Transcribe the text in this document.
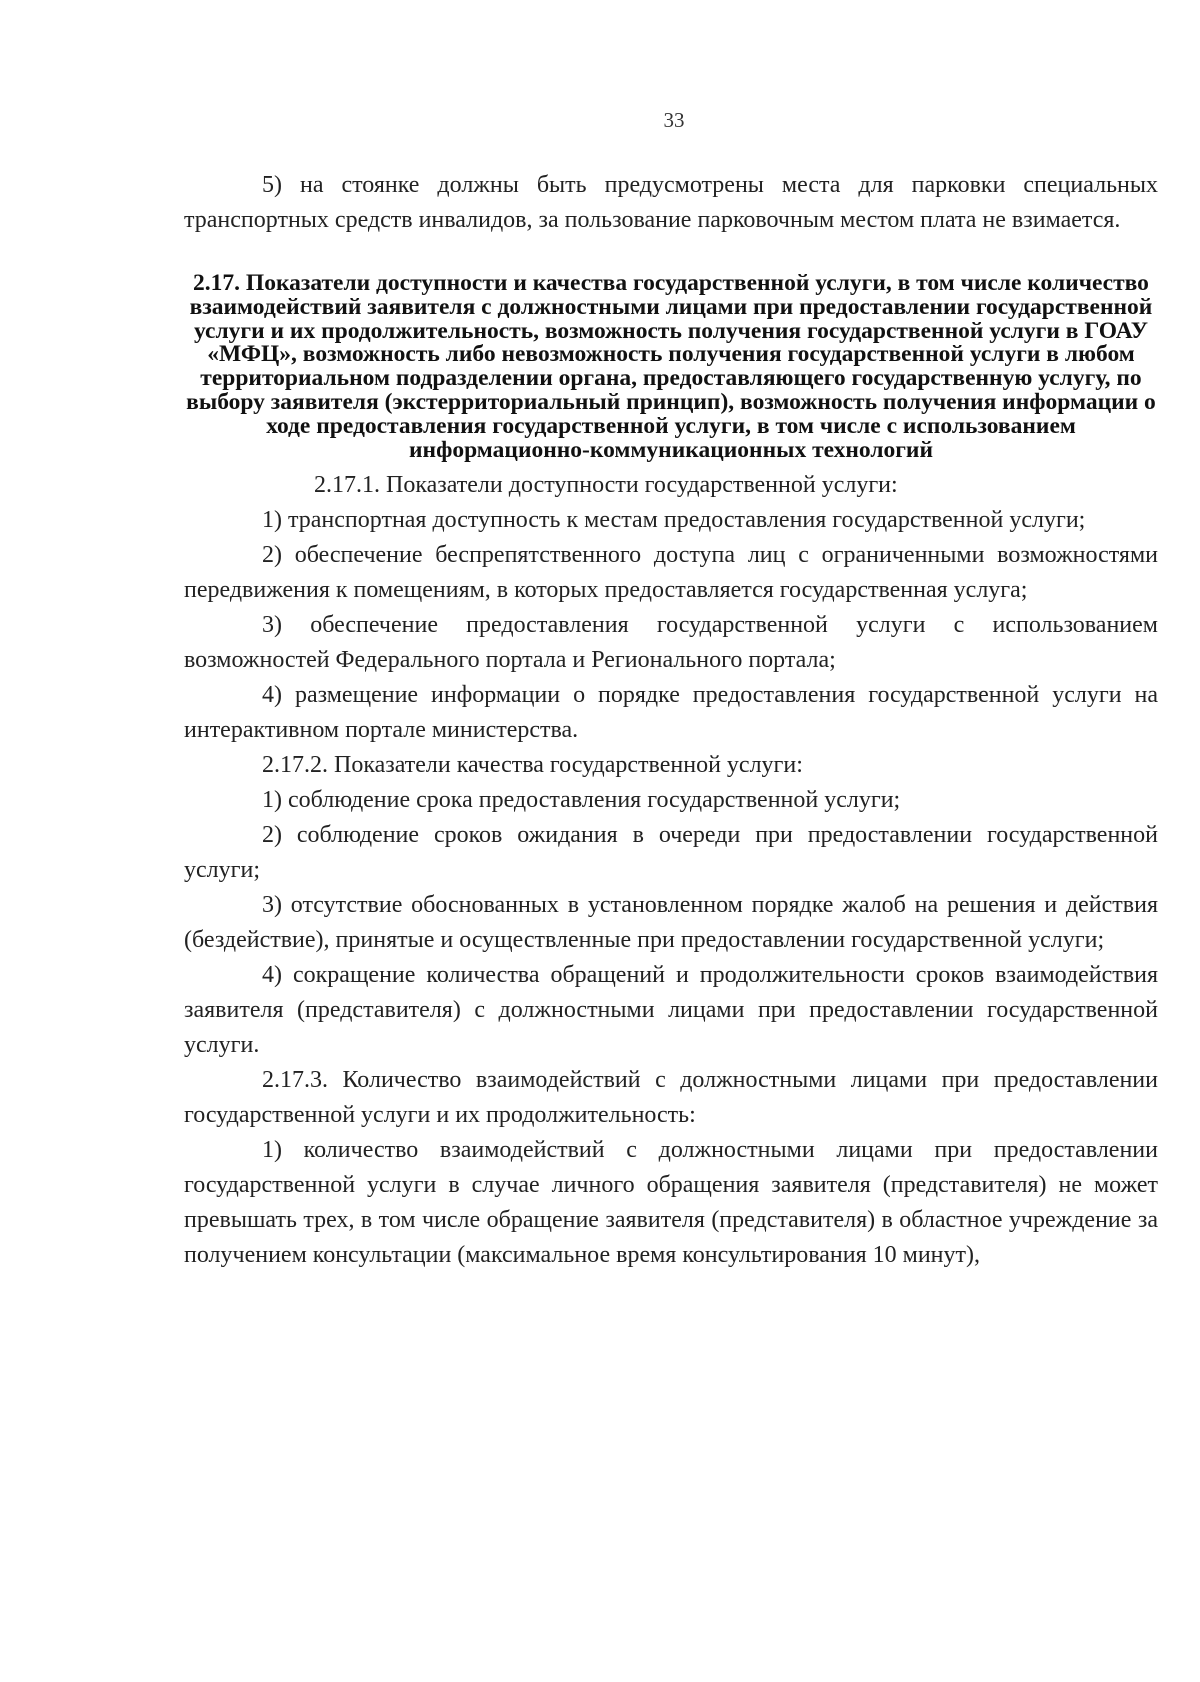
33

5) на стоянке должны быть предусмотрены места для парковки специальных транспортных средств инвалидов, за пользование парковочным местом плата не взимается.

2.17. Показатели доступности и качества государственной услуги, в том числе количество взаимодействий заявителя с должностными лицами при предоставлении государственной услуги и их продолжительность, возможность получения государственной услуги в ГОАУ «МФЦ», возможность либо невозможность получения государственной услуги в любом территориальном подразделении органа, предоставляющего государственную услугу, по выбору заявителя (экстерриториальный принцип), возможность получения информации о ходе предоставления государственной услуги, в том числе с использованием информационно-коммуникационных технологий

2.17.1. Показатели доступности государственной услуги:

1) транспортная доступность к местам предоставления государственной услуги;

2) обеспечение беспрепятственного доступа лиц с ограниченными возможностями передвижения к помещениям, в которых предоставляется государственная услуга;

3) обеспечение предоставления государственной услуги с использованием возможностей Федерального портала и Регионального портала;

4) размещение информации о порядке предоставления государственной услуги на интерактивном портале министерства.

2.17.2. Показатели качества государственной услуги:

1) соблюдение срока предоставления государственной услуги;

2) соблюдение сроков ожидания в очереди при предоставлении государственной услуги;

3) отсутствие обоснованных в установленном порядке жалоб на решения и действия (бездействие), принятые и осуществленные при предоставлении государственной услуги;

4) сокращение количества обращений и продолжительности сроков взаимодействия заявителя (представителя) с должностными лицами при предоставлении государственной услуги.

2.17.3. Количество взаимодействий с должностными лицами при предоставлении государственной услуги и их продолжительность:

1) количество взаимодействий с должностными лицами при предоставлении государственной услуги в случае личного обращения заявителя (представителя) не может превышать трех, в том числе обращение заявителя (представителя) в областное учреждение за получением консультации (максимальное время консультирования 10 минут),
